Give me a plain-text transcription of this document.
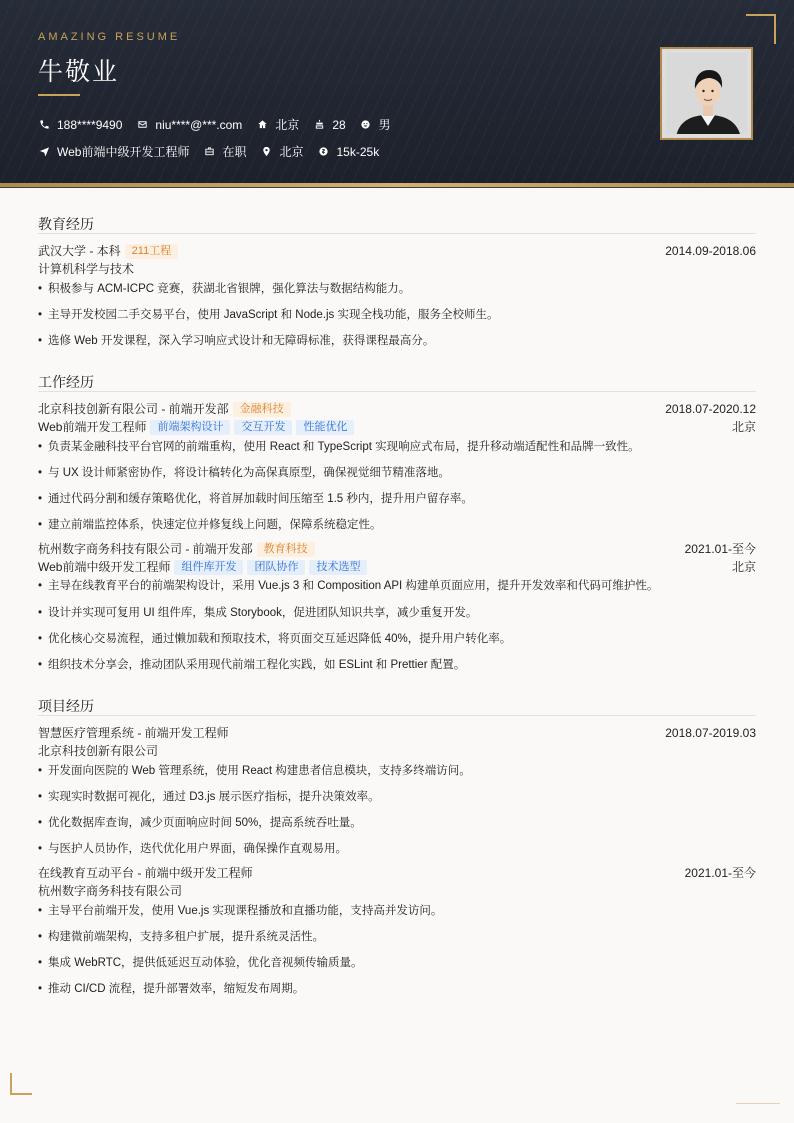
AMAZING RESUME
牛敬业
188****9490	niu****@***.com	北京	28	男
Web前端中级开发工程师	在职	北京	15k-25k
教育经历
武汉大学 - 本科 211工程	2014.09-2018.06
计算机科学与技术
• 积极参与 ACM-ICPC 竞赛，获湖北省银牌，强化算法与数据结构能力。
• 主导开发校园二手交易平台，使用 JavaScript 和 Node.js 实现全栈功能，服务全校师生。
• 选修 Web 开发课程，深入学习响应式设计和无障碍标准，获得课程最高分。
工作经历
北京科技创新有限公司 - 前端开发部 金融科技	2018.07-2020.12
Web前端开发工程师 前端架构设计 交互开发 性能优化	北京
• 负责某金融科技平台官网的前端重构，使用 React 和 TypeScript 实现响应式布局，提升移动端适配性和品牌一致性。
• 与 UX 设计师紧密协作，将设计稿转化为高保真原型，确保视觉细节精准落地。
• 通过代码分割和缓存策略优化，将首屏加载时间压缩至 1.5 秒内，提升用户留存率。
• 建立前端监控体系，快速定位并修复线上问题，保障系统稳定性。
杭州数字商务科技有限公司 - 前端开发部 教育科技	2021.01-至今
Web前端中级开发工程师 组件库开发 团队协作 技术选型	北京
• 主导在线教育平台的前端架构设计，采用 Vue.js 3 和 Composition API 构建单页面应用，提升开发效率和代码可维护性。
• 设计并实现可复用 UI 组件库，集成 Storybook，促进团队知识共享，减少重复开发。
• 优化核心交易流程，通过懒加载和预取技术，将页面交互延迟降低 40%，提升用户转化率。
• 组织技术分享会，推动团队采用现代前端工程化实践，如 ESLint 和 Prettier 配置。
项目经历
智慧医疗管理系统 - 前端开发工程师	2018.07-2019.03
北京科技创新有限公司
• 开发面向医院的 Web 管理系统，使用 React 构建患者信息模块，支持多终端访问。
• 实现实时数据可视化，通过 D3.js 展示医疗指标，提升决策效率。
• 优化数据库查询，减少页面响应时间 50%，提高系统吞吐量。
• 与医护人员协作，迭代优化用户界面，确保操作直观易用。
在线教育互动平台 - 前端中级开发工程师	2021.01-至今
杭州数字商务科技有限公司
• 主导平台前端开发，使用 Vue.js 实现课程播放和直播功能，支持高并发访问。
• 构建微前端架构，支持多租户扩展，提升系统灵活性。
• 集成 WebRTC，提供低延迟互动体验，优化音视频传输质量。
• 推动 CI/CD 流程，提升部署效率，缩短发布周期。
